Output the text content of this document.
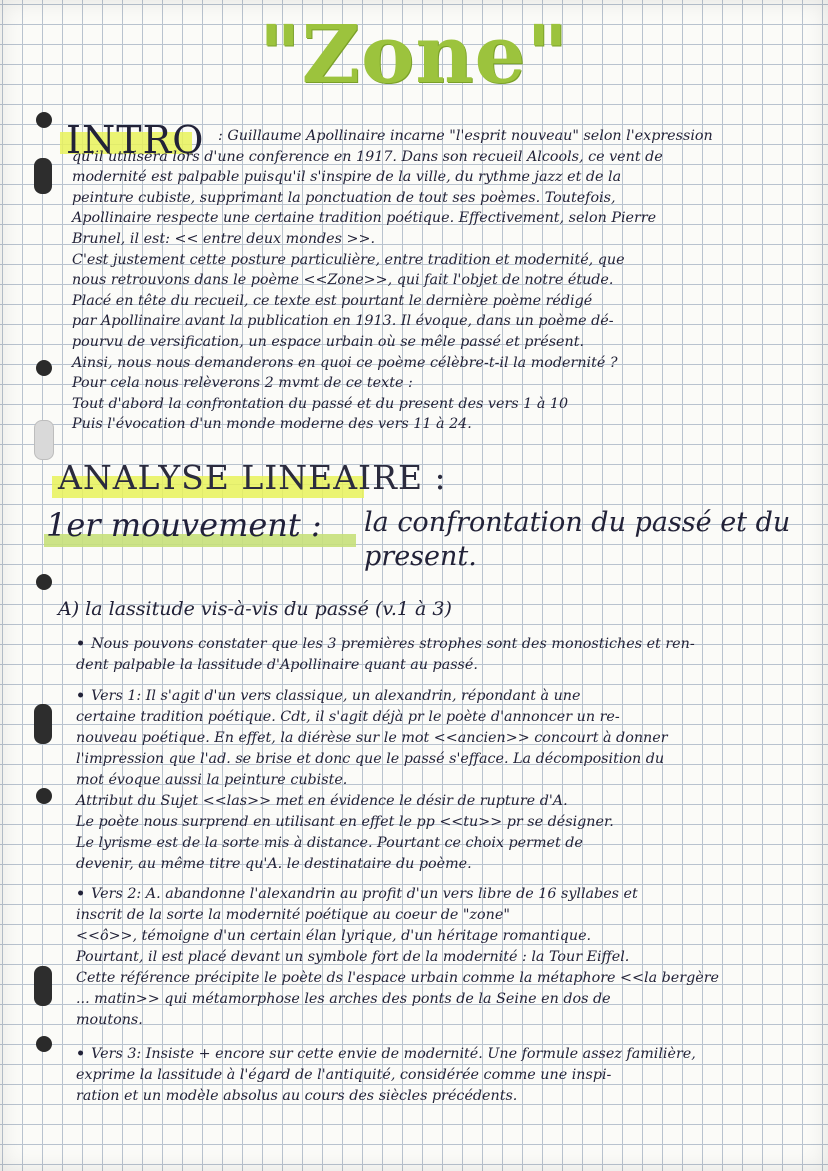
"Zone"
INTRO : Guillaume Apollinaire incarne "l'esprit nouveau" selon l'expression

qu'il utilisera lors d'une conference en 1917. Dans son recueil Alcools, ce vent de

modernité est palpable puisqu'il s'inspire de la ville, du rythme jazz et de la

peinture cubiste, supprimant la ponctuation de tout ses poèmes. Toutefois,

Apollinaire respecte une certaine tradition poétique. Effectivement, selon Pierre

Brunel, il est: << entre deux mondes >>.

C'est justement cette posture particulière, entre tradition et modernité, que

nous retrouvons dans le poème <<Zone>>, qui fait l'objet de notre étude.

Placé en tête du recueil, ce texte est pourtant le dernière poème rédigé

par Apollinaire avant la publication en 1913. Il évoque, dans un poème dé-

pourvu de versification, un espace urbain où se mêle passé et présent.

Ainsi, nous nous demanderons en quoi ce poème célèbre-t-il la modernité ?

Pour cela nous relèverons 2 mvmt de ce texte :

Tout d'abord la confrontation du passé et du present des vers 1 à 10

Puis l'évocation d'un monde moderne des vers 11 à 24.

ANALYSE LINEAIRE :
1er mouvement : la confrontation du passé et du present.
A) la lassitude vis-à-vis du passé (v.1 à 3)

• Nous pouvons constater que les 3 premières strophes sont des monostiches et ren-

dent palpable la lassitude d'Apollinaire quant au passé.

• Vers 1: Il s'agit d'un vers classique, un alexandrin, répondant à une

certaine tradition poétique. Cdt, il s'agit déjà pr le poète d'annoncer un re-

nouveau poétique. En effet, la diérèse sur le mot <<ancien>> concourt à donner

l'impression que l'ad. se brise et donc que le passé s'efface. La décomposition du

mot évoque aussi la peinture cubiste.

Attribut du Sujet <<las>> met en évidence le désir de rupture d'A.

Le poète nous surprend en utilisant en effet le pp <<tu>> pr se désigner.

Le lyrisme est de la sorte mis à distance. Pourtant ce choix permet de

devenir, au même titre qu'A. le destinataire du poème.

• Vers 2: A. abandonne l'alexandrin au profit d'un vers libre de 16 syllabes et

inscrit de la sorte la modernité poétique au coeur de "zone"

<<ô>>, témoigne d'un certain élan lyrique, d'un héritage romantique.

Pourtant, il est placé devant un symbole fort de la modernité : la Tour Eiffel.

Cette référence précipite le poète ds l'espace urbain comme la métaphore <<la bergère

... matin>> qui métamorphose les arches des ponts de la Seine en dos de

moutons.

• Vers 3: Insiste + encore sur cette envie de modernité. Une formule assez familière,

exprime la lassitude à l'égard de l'antiquité, considérée comme une inspi-

ration et un modèle absolus au cours des siècles précédents.
